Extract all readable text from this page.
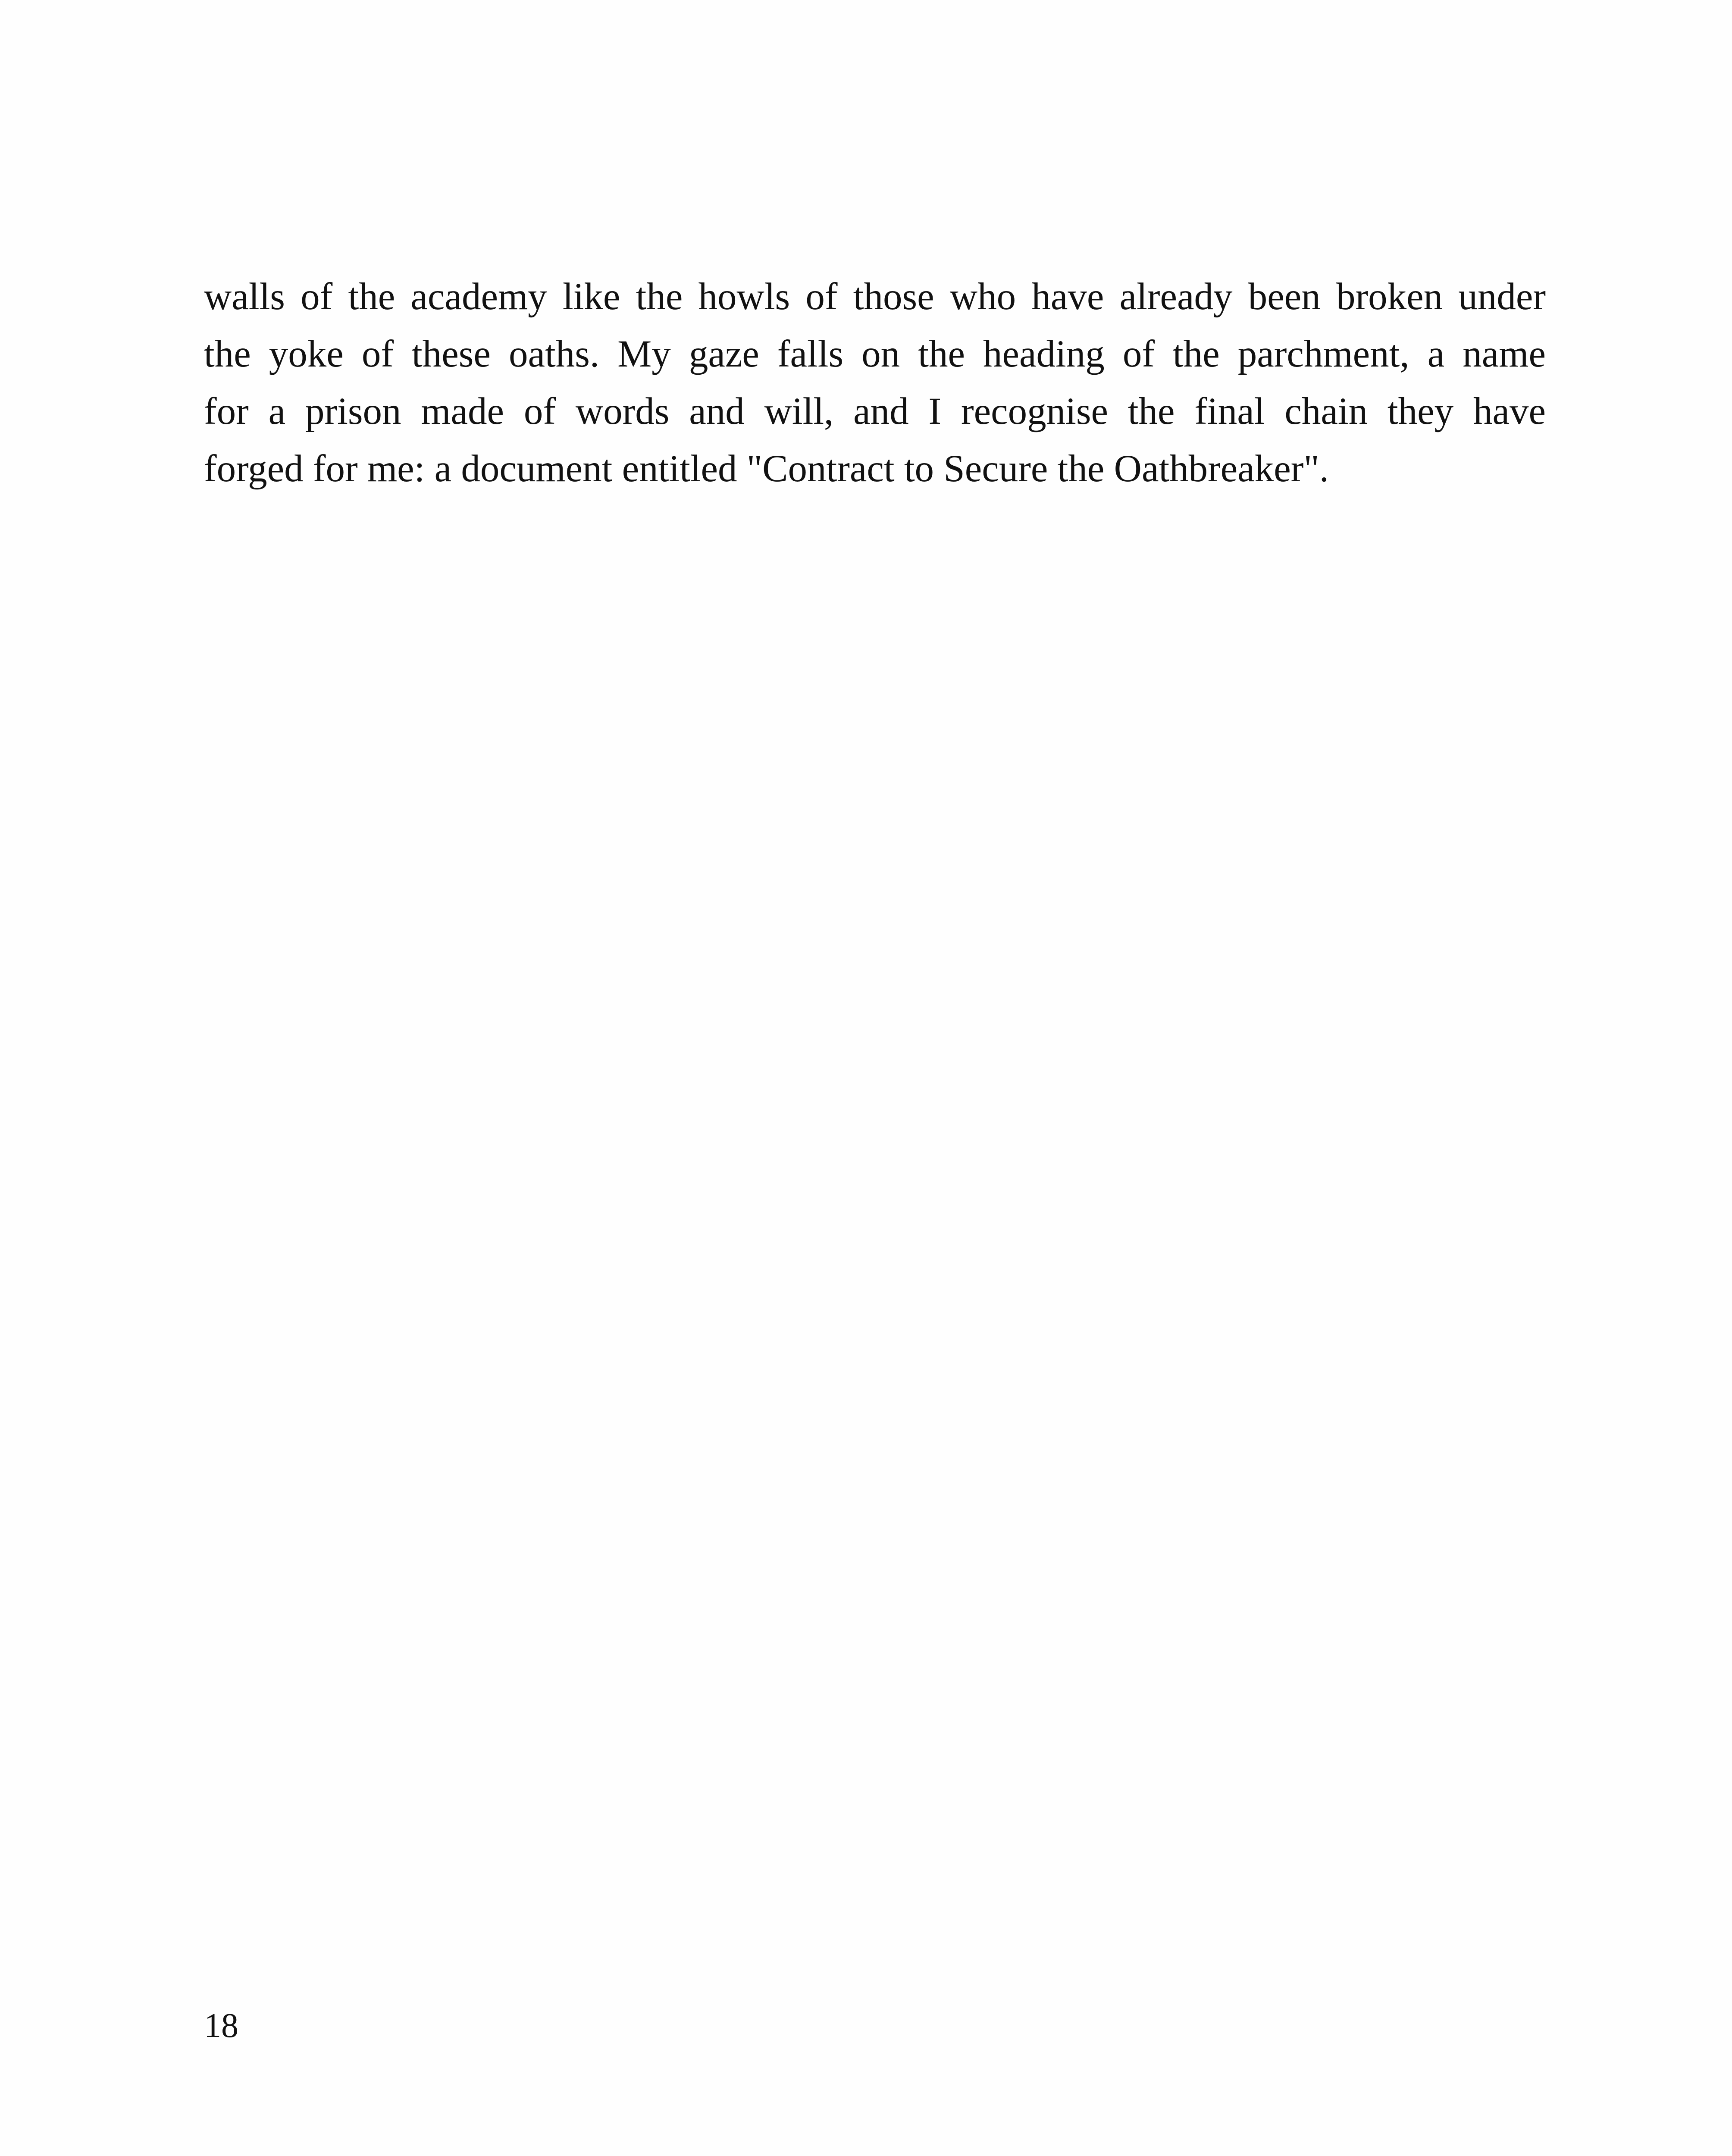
walls of the academy like the howls of those who have already been broken under
the yoke of these oaths. My gaze falls on the heading of the parchment, a name
for a prison made of words and will, and I recognise the final chain they have
forged for me: a document entitled "Contract to Secure the Oathbreaker".

18
